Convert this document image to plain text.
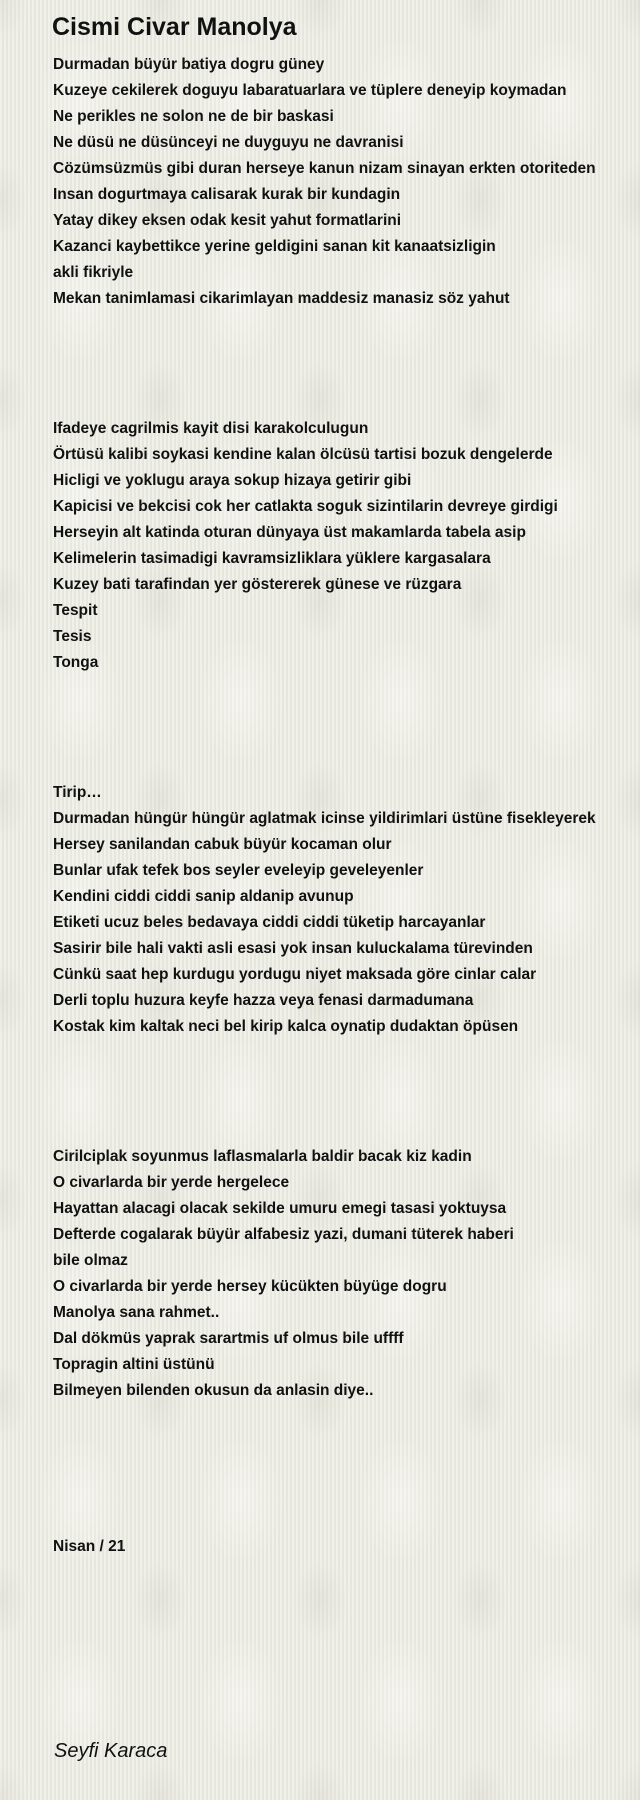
Cismi Civar Manolya
Durmadan büyür batiya dogru güney
Kuzeye cekilerek doguyu labaratuarlara ve tüplere deneyip koymadan
Ne perikles ne solon ne de bir baskasi
Ne düsü ne düsünceyi ne duyguyu ne davranisi
Cözümsüzmüs gibi duran herseye kanun nizam sinayan erkten otoriteden
Insan dogurtmaya calisarak kurak bir kundagin
Yatay dikey eksen odak kesit yahut formatlarini
Kazanci kaybettikce yerine geldigini sanan kit kanaatsizligin
akli fikriyle
Mekan tanimlamasi cikarimlayan maddesiz manasiz söz yahut
Ifadeye cagrilmis kayit disi karakolculugun
Örtüsü kalibi soykasi kendine kalan ölcüsü tartisi bozuk dengelerde
Hicligi ve yoklugu araya sokup hizaya getirir gibi
Kapicisi ve bekcisi cok her catlakta soguk sizintilarin devreye girdigi
Herseyin alt katinda oturan dünyaya üst makamlarda tabela asip
Kelimelerin tasimadigi kavramsizliklara yüklere kargasalara
Kuzey bati tarafindan yer göstererek günese ve rüzgara
Tespit
Tesis
Tonga
Tirip…
Durmadan hüngür hüngür aglatmak icinse yildirimlari üstüne fisekleyerek
Hersey sanilandan cabuk büyür kocaman olur
Bunlar ufak tefek bos seyler eveleyip geveleyenler
Kendini ciddi ciddi sanip aldanip avunup
Etiketi ucuz beles bedavaya ciddi ciddi tüketip harcayanlar
Sasirir bile hali vakti asli esasi yok insan kuluckalama türevinden
Cünkü saat hep kurdugu yordugu niyet maksada göre cinlar calar
Derli toplu huzura keyfe hazza veya fenasi darmadumana
Kostak kim kaltak neci bel kirip kalca oynatip dudaktan öpüsen
Cirilciplak soyunmus laflasmalarla baldir bacak kiz kadin
O civarlarda bir yerde hergelece
Hayattan alacagi olacak sekilde umuru emegi tasasi yoktuysa
Defterde cogalarak büyür alfabesiz yazi, dumani tüterek haberi
bile olmaz
O civarlarda bir yerde hersey kücükten büyüge dogru
Manolya sana rahmet..
Dal dökmüs yaprak sarartmis uf olmus bile uffff
Topragin altini üstünü
Bilmeyen bilenden okusun da anlasin diye..
Nisan / 21
Seyfi Karaca
